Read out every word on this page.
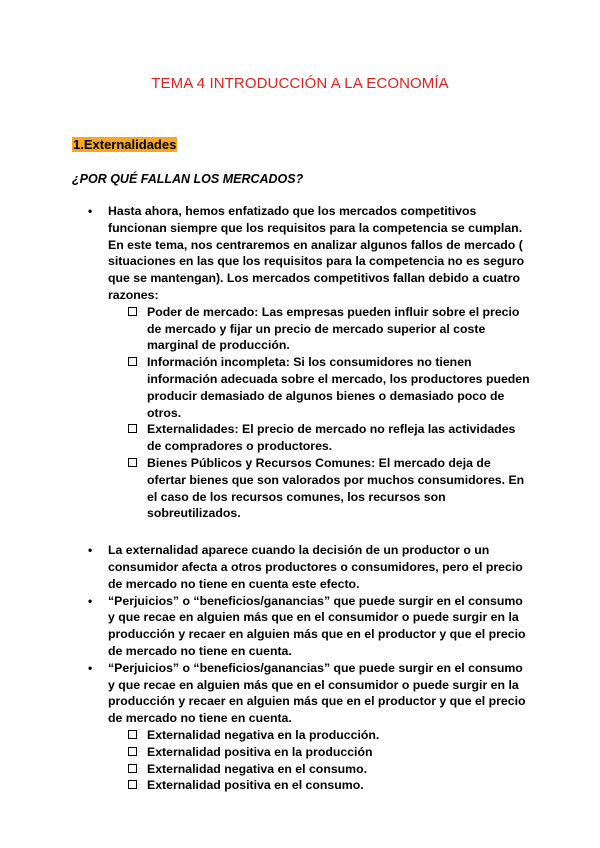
TEMA 4 INTRODUCCIÓN A LA ECONOMÍA
1.Externalidades
¿POR QUÉ FALLAN LOS MERCADOS?
• Hasta ahora, hemos enfatizado que los mercados competitivos funcionan siempre que los requisitos para la competencia se cumplan. En este tema, nos centraremos en analizar algunos fallos de mercado ( situaciones en las que los requisitos para la competencia no es seguro que se mantengan). Los mercados competitivos fallan debido a cuatro razones:
Poder de mercado: Las empresas pueden influir sobre el precio de mercado y fijar un precio de mercado superior al coste marginal de producción.
Información incompleta: Si los consumidores no tienen información adecuada sobre el mercado, los productores pueden producir demasiado de algunos bienes o demasiado poco de otros.
Externalidades: El precio de mercado no refleja las actividades de compradores o productores.
Bienes Públicos y Recursos Comunes: El mercado deja de ofertar bienes que son valorados por muchos consumidores. En el caso de los recursos comunes, los recursos son sobreutilizados.
• La externalidad aparece cuando la decisión de un productor o un consumidor afecta a otros productores o consumidores, pero el precio de mercado no tiene en cuenta este efecto.
• “Perjuicios” o “beneficios/ganancias” que puede surgir en el consumo y que recae en alguien más que en el consumidor o puede surgir en la producción y recaer en alguien más que en el productor y que el precio de mercado no tiene en cuenta.
• “Perjuicios” o “beneficios/ganancias” que puede surgir en el consumo y que recae en alguien más que en el consumidor o puede surgir en la producción y recaer en alguien más que en el productor y que el precio de mercado no tiene en cuenta.
Externalidad negativa en la producción.
Externalidad positiva en la producción
Externalidad negativa en el consumo.
Externalidad positiva en el consumo.
